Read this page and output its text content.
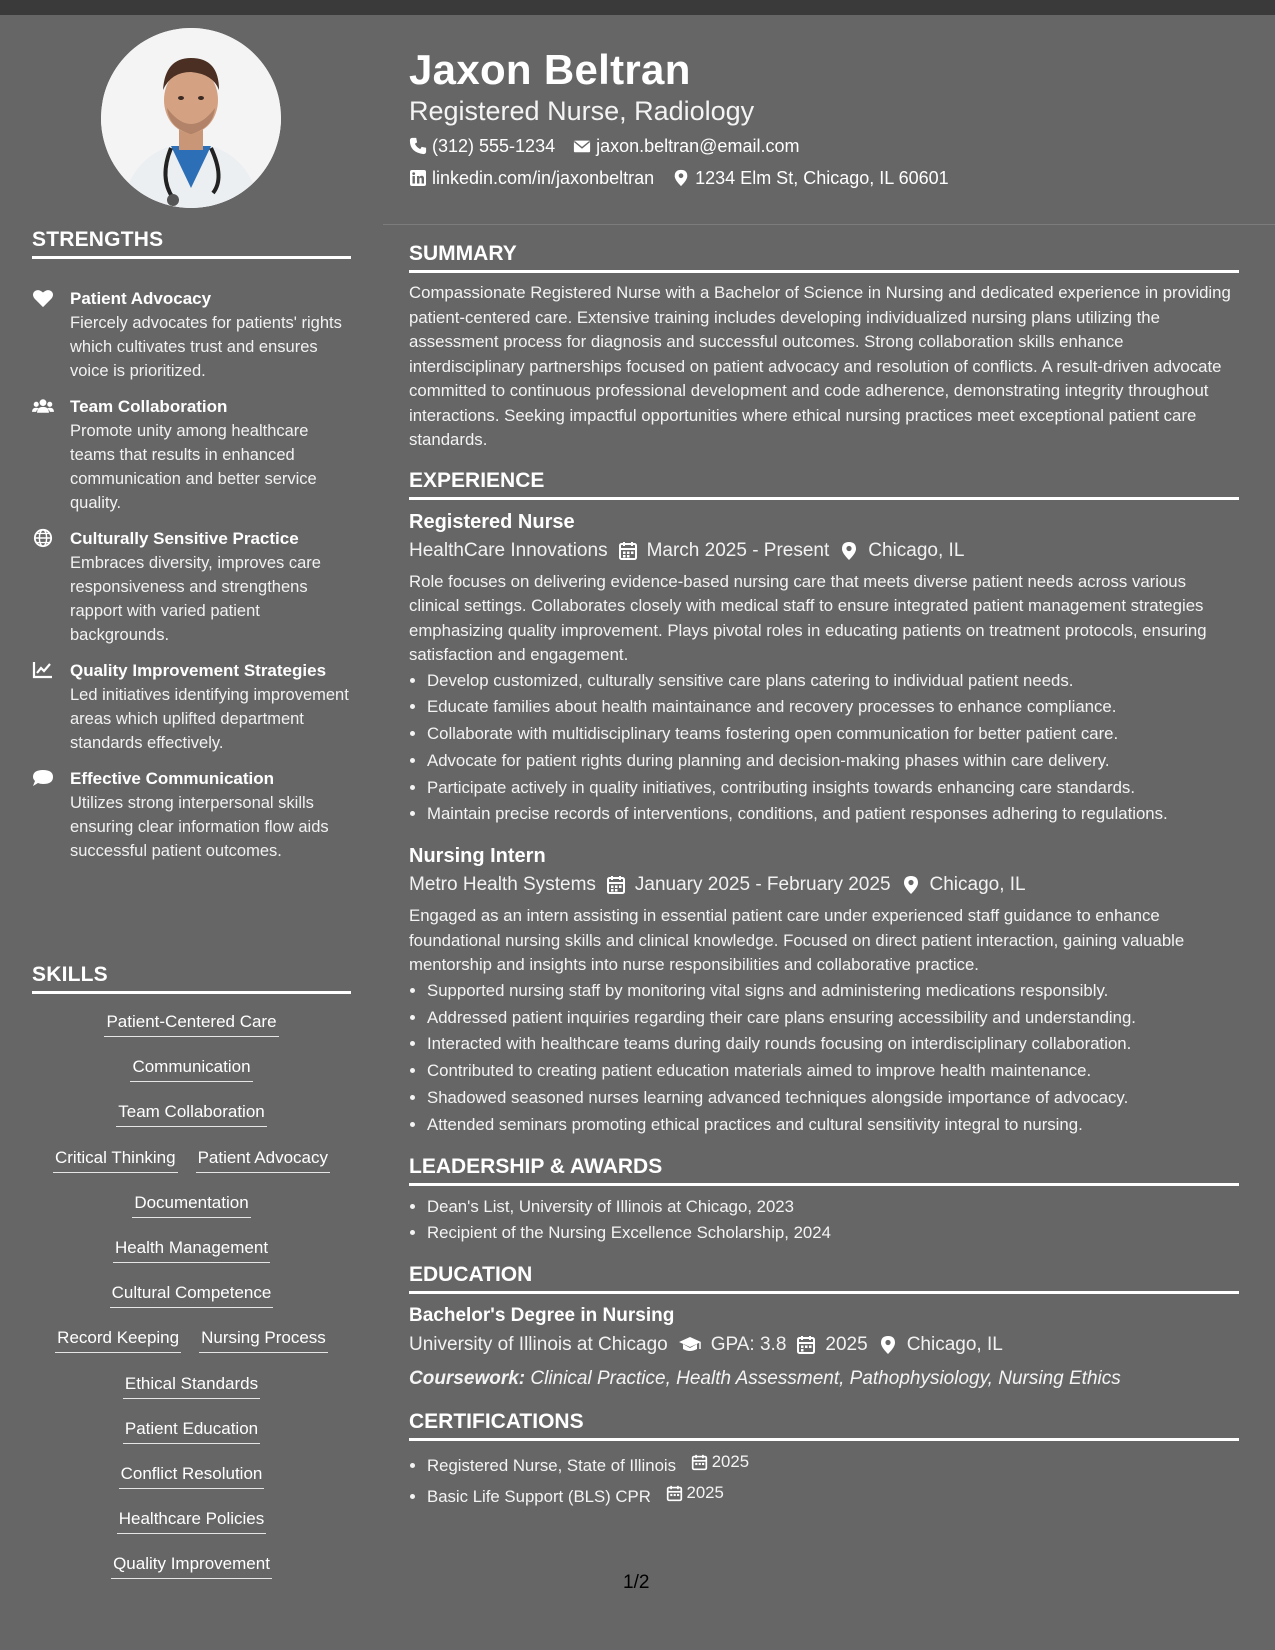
STRENGTHS
Patient Advocacy
Fiercely advocates for patients' rights which cultivates trust and ensures voice is prioritized.
Team Collaboration
Promote unity among healthcare teams that results in enhanced communication and better service quality.
Culturally Sensitive Practice
Embraces diversity, improves care responsiveness and strengthens rapport with varied patient backgrounds.
Quality Improvement Strategies
Led initiatives identifying improvement areas which uplifted department standards effectively.
Effective Communication
Utilizes strong interpersonal skills ensuring clear information flow aids successful patient outcomes.
SKILLS
Patient-Centered Care
Communication
Team Collaboration
Critical Thinking Patient Advocacy
Documentation
Health Management
Cultural Competence
Record Keeping Nursing Process
Ethical Standards
Patient Education
Conflict Resolution
Healthcare Policies
Quality Improvement
Jaxon Beltran
Registered Nurse, Radiology
(312) 555-1234 jaxon.beltran@email.com
linkedin.com/in/jaxonbeltran 1234 Elm St, Chicago, IL 60601
SUMMARY
Compassionate Registered Nurse with a Bachelor of Science in Nursing and dedicated experience in providing patient-centered care. Extensive training includes developing individualized nursing plans utilizing the assessment process for diagnosis and successful outcomes. Strong collaboration skills enhance interdisciplinary partnerships focused on patient advocacy and resolution of conflicts. A result-driven advocate committed to continuous professional development and code adherence, demonstrating integrity throughout interactions. Seeking impactful opportunities where ethical nursing practices meet exceptional patient care standards.
EXPERIENCE
Registered Nurse
HealthCare Innovations March 2025 - Present Chicago, IL
Role focuses on delivering evidence-based nursing care that meets diverse patient needs across various clinical settings. Collaborates closely with medical staff to ensure integrated patient management strategies emphasizing quality improvement. Plays pivotal roles in educating patients on treatment protocols, ensuring satisfaction and engagement.
• Develop customized, culturally sensitive care plans catering to individual patient needs.
• Educate families about health maintainance and recovery processes to enhance compliance.
• Collaborate with multidisciplinary teams fostering open communication for better patient care.
• Advocate for patient rights during planning and decision-making phases within care delivery.
• Participate actively in quality initiatives, contributing insights towards enhancing care standards.
• Maintain precise records of interventions, conditions, and patient responses adhering to regulations.
Nursing Intern
Metro Health Systems January 2025 - February 2025 Chicago, IL
Engaged as an intern assisting in essential patient care under experienced staff guidance to enhance foundational nursing skills and clinical knowledge. Focused on direct patient interaction, gaining valuable mentorship and insights into nurse responsibilities and collaborative practice.
• Supported nursing staff by monitoring vital signs and administering medications responsibly.
• Addressed patient inquiries regarding their care plans ensuring accessibility and understanding.
• Interacted with healthcare teams during daily rounds focusing on interdisciplinary collaboration.
• Contributed to creating patient education materials aimed to improve health maintenance.
• Shadowed seasoned nurses learning advanced techniques alongside importance of advocacy.
• Attended seminars promoting ethical practices and cultural sensitivity integral to nursing.
LEADERSHIP & AWARDS
• Dean's List, University of Illinois at Chicago, 2023
• Recipient of the Nursing Excellence Scholarship, 2024
EDUCATION
Bachelor's Degree in Nursing
University of Illinois at Chicago GPA: 3.8 2025 Chicago, IL
Coursework: Clinical Practice, Health Assessment, Pathophysiology, Nursing Ethics
CERTIFICATIONS
• Registered Nurse, State of Illinois 2025
• Basic Life Support (BLS) CPR 2025
1/2
